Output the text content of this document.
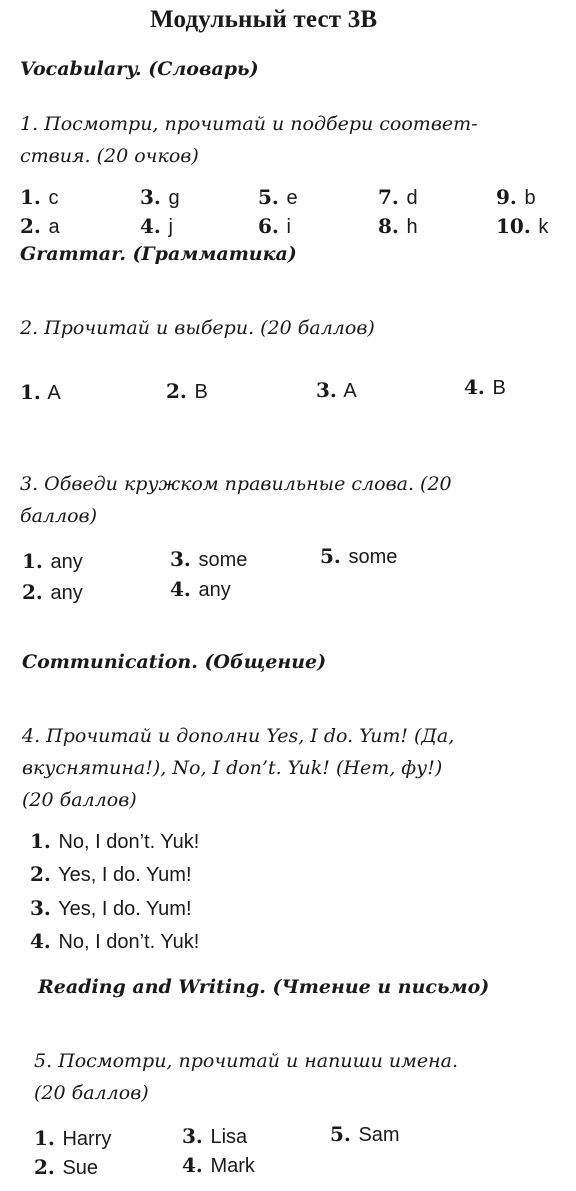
Модульный тест 3B
Vocabulary. (Словарь)
1. Посмотри, прочитай и подбери соответ-
ствия. (20 очков)
1. c	3. g	5. e	7. d	9. b
2. a	4. j	6. i	8. h	10. k
Grammar. (Грамматика)
2. Прочитай и выбери. (20 баллов)
1. A	2. B	3. A	4. B
3. Обведи кружком правильные слова. (20
баллов)
1. any	3. some	5. some
2. any	4. any
Communication. (Общение)
4. Прочитай и дополни Yes, I do. Yum! (Да,
вкуснятина!), No, I don’t. Yuk! (Нет, фу!)
(20 баллов)
1. No, I don’t. Yuk!
2. Yes, I do. Yum!
3. Yes, I do. Yum!
4. No, I don’t. Yuk!
Reading and Writing. (Чтение и письмо)
5. Посмотри, прочитай и напиши имена.
(20 баллов)
1. Harry	3. Lisa	5. Sam
2. Sue	4. Mark
